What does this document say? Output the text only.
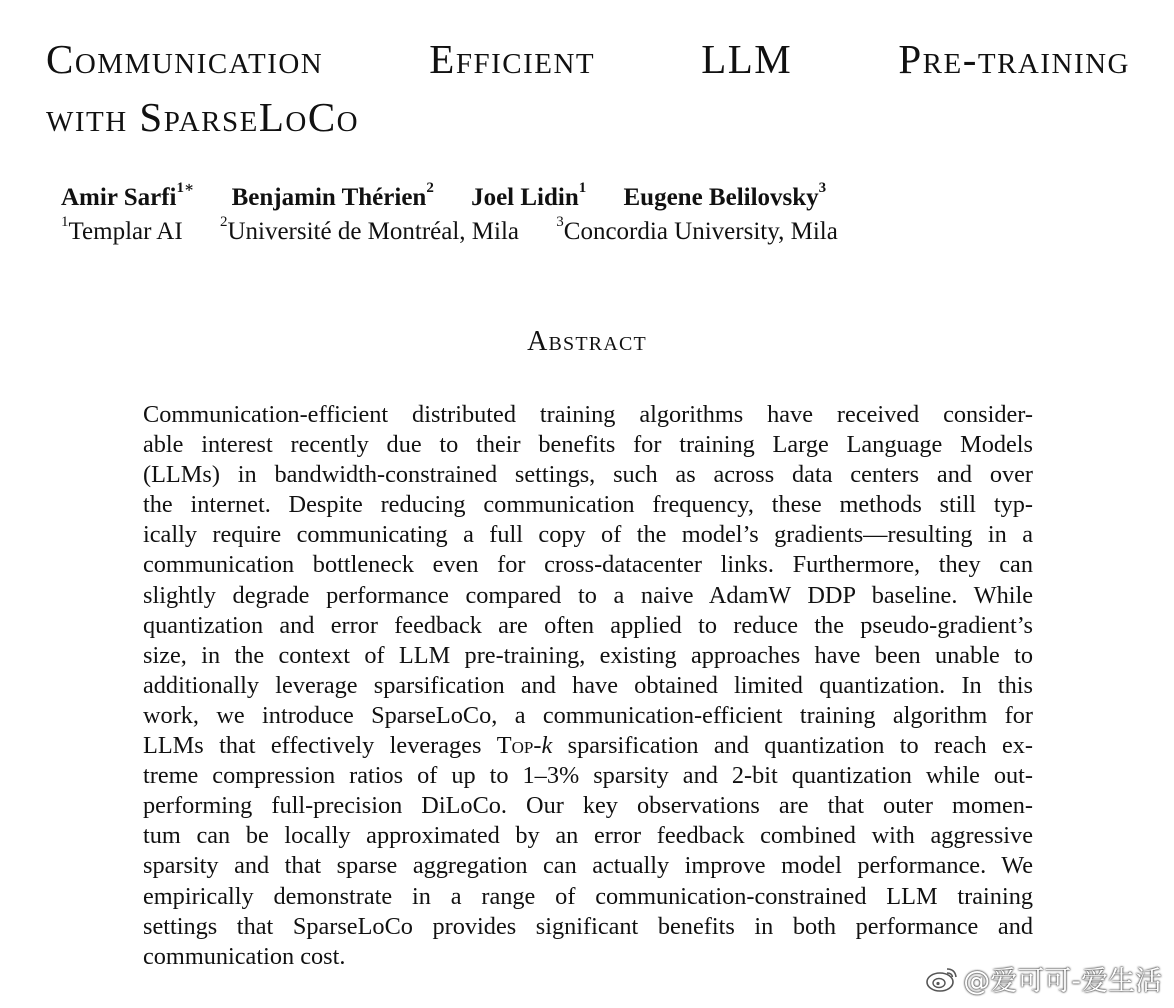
Communication Efficient LLM Pre-training
with SparseLoCo
Amir Sarfi$^{1∗}$ Benjamin Thérien$^2$ Joel Lidin$^1$ Eugene Belilovsky$^3$
$^1$Templar AI $^2$Université de Montréal, Mila $^3$Concordia University, Mila
Abstract
Communication-efficient distributed training algorithms have received consider-
able interest recently due to their benefits for training Large Language Models
(LLMs) in bandwidth-constrained settings, such as across data centers and over
the internet. Despite reducing communication frequency, these methods still typ-
ically require communicating a full copy of the model’s gradients—resulting in a
communication bottleneck even for cross-datacenter links. Furthermore, they can
slightly degrade performance compared to a naive AdamW DDP baseline. While
quantization and error feedback are often applied to reduce the pseudo-gradient’s
size, in the context of LLM pre-training, existing approaches have been unable to
additionally leverage sparsification and have obtained limited quantization. In this
work, we introduce SparseLoCo, a communication-efficient training algorithm for
LLMs that effectively leverages Top-k sparsification and quantization to reach ex-
treme compression ratios of up to 1–3% sparsity and 2-bit quantization while out-
performing full-precision DiLoCo. Our key observations are that outer momen-
tum can be locally approximated by an error feedback combined with aggressive
sparsity and that sparse aggregation can actually improve model performance. We
empirically demonstrate in a range of communication-constrained LLM training
settings that SparseLoCo provides significant benefits in both performance and
communication cost.
@爱可可-爱生活
